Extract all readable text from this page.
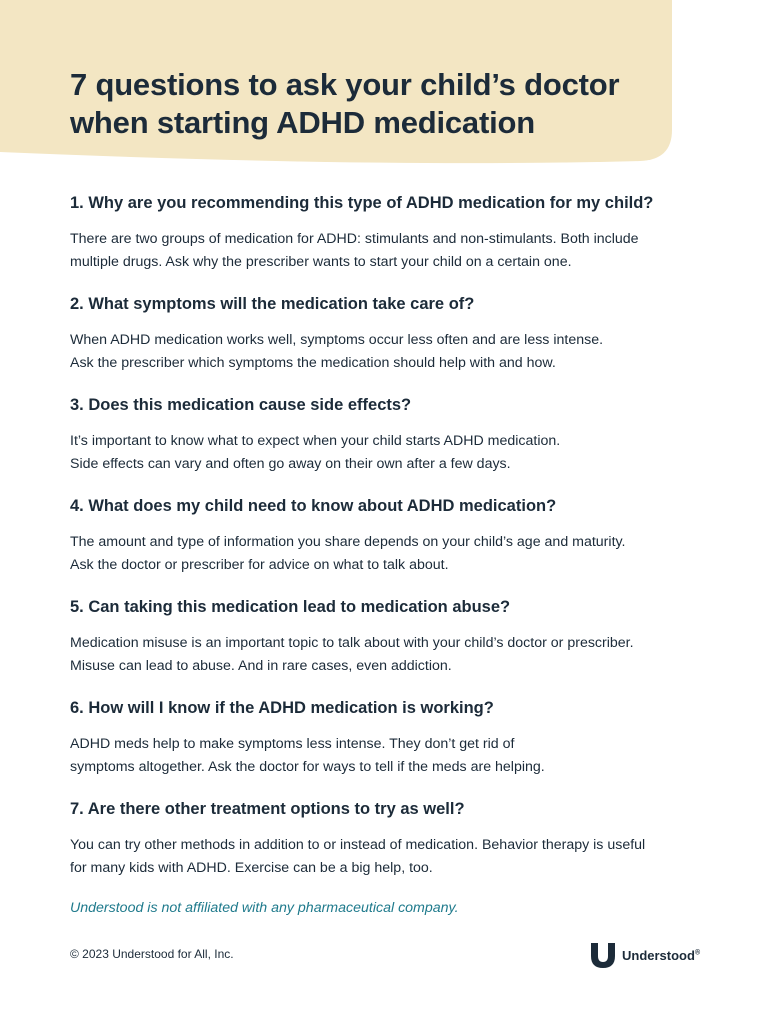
7 questions to ask your child’s doctor
when starting ADHD medication

1. Why are you recommending this type of ADHD medication for my child?

There are two groups of medication for ADHD: stimulants and non-stimulants. Both include
multiple drugs. Ask why the prescriber wants to start your child on a certain one.

2. What symptoms will the medication take care of?

When ADHD medication works well, symptoms occur less often and are less intense.
Ask the prescriber which symptoms the medication should help with and how.

3. Does this medication cause side effects?

It’s important to know what to expect when your child starts ADHD medication.
Side effects can vary and often go away on their own after a few days.

4. What does my child need to know about ADHD medication?

The amount and type of information you share depends on your child’s age and maturity.
Ask the doctor or prescriber for advice on what to talk about.

5. Can taking this medication lead to medication abuse?

Medication misuse is an important topic to talk about with your child’s doctor or prescriber.
Misuse can lead to abuse. And in rare cases, even addiction.

6. How will I know if the ADHD medication is working?

ADHD meds help to make symptoms less intense. They don’t get rid of
symptoms altogether. Ask the doctor for ways to tell if the meds are helping.

7. Are there other treatment options to try as well?

You can try other methods in addition to or instead of medication. Behavior therapy is useful
for many kids with ADHD. Exercise can be a big help, too.

Understood is not affiliated with any pharmaceutical company.

© 2023 Understood for All, Inc.	Understood®
